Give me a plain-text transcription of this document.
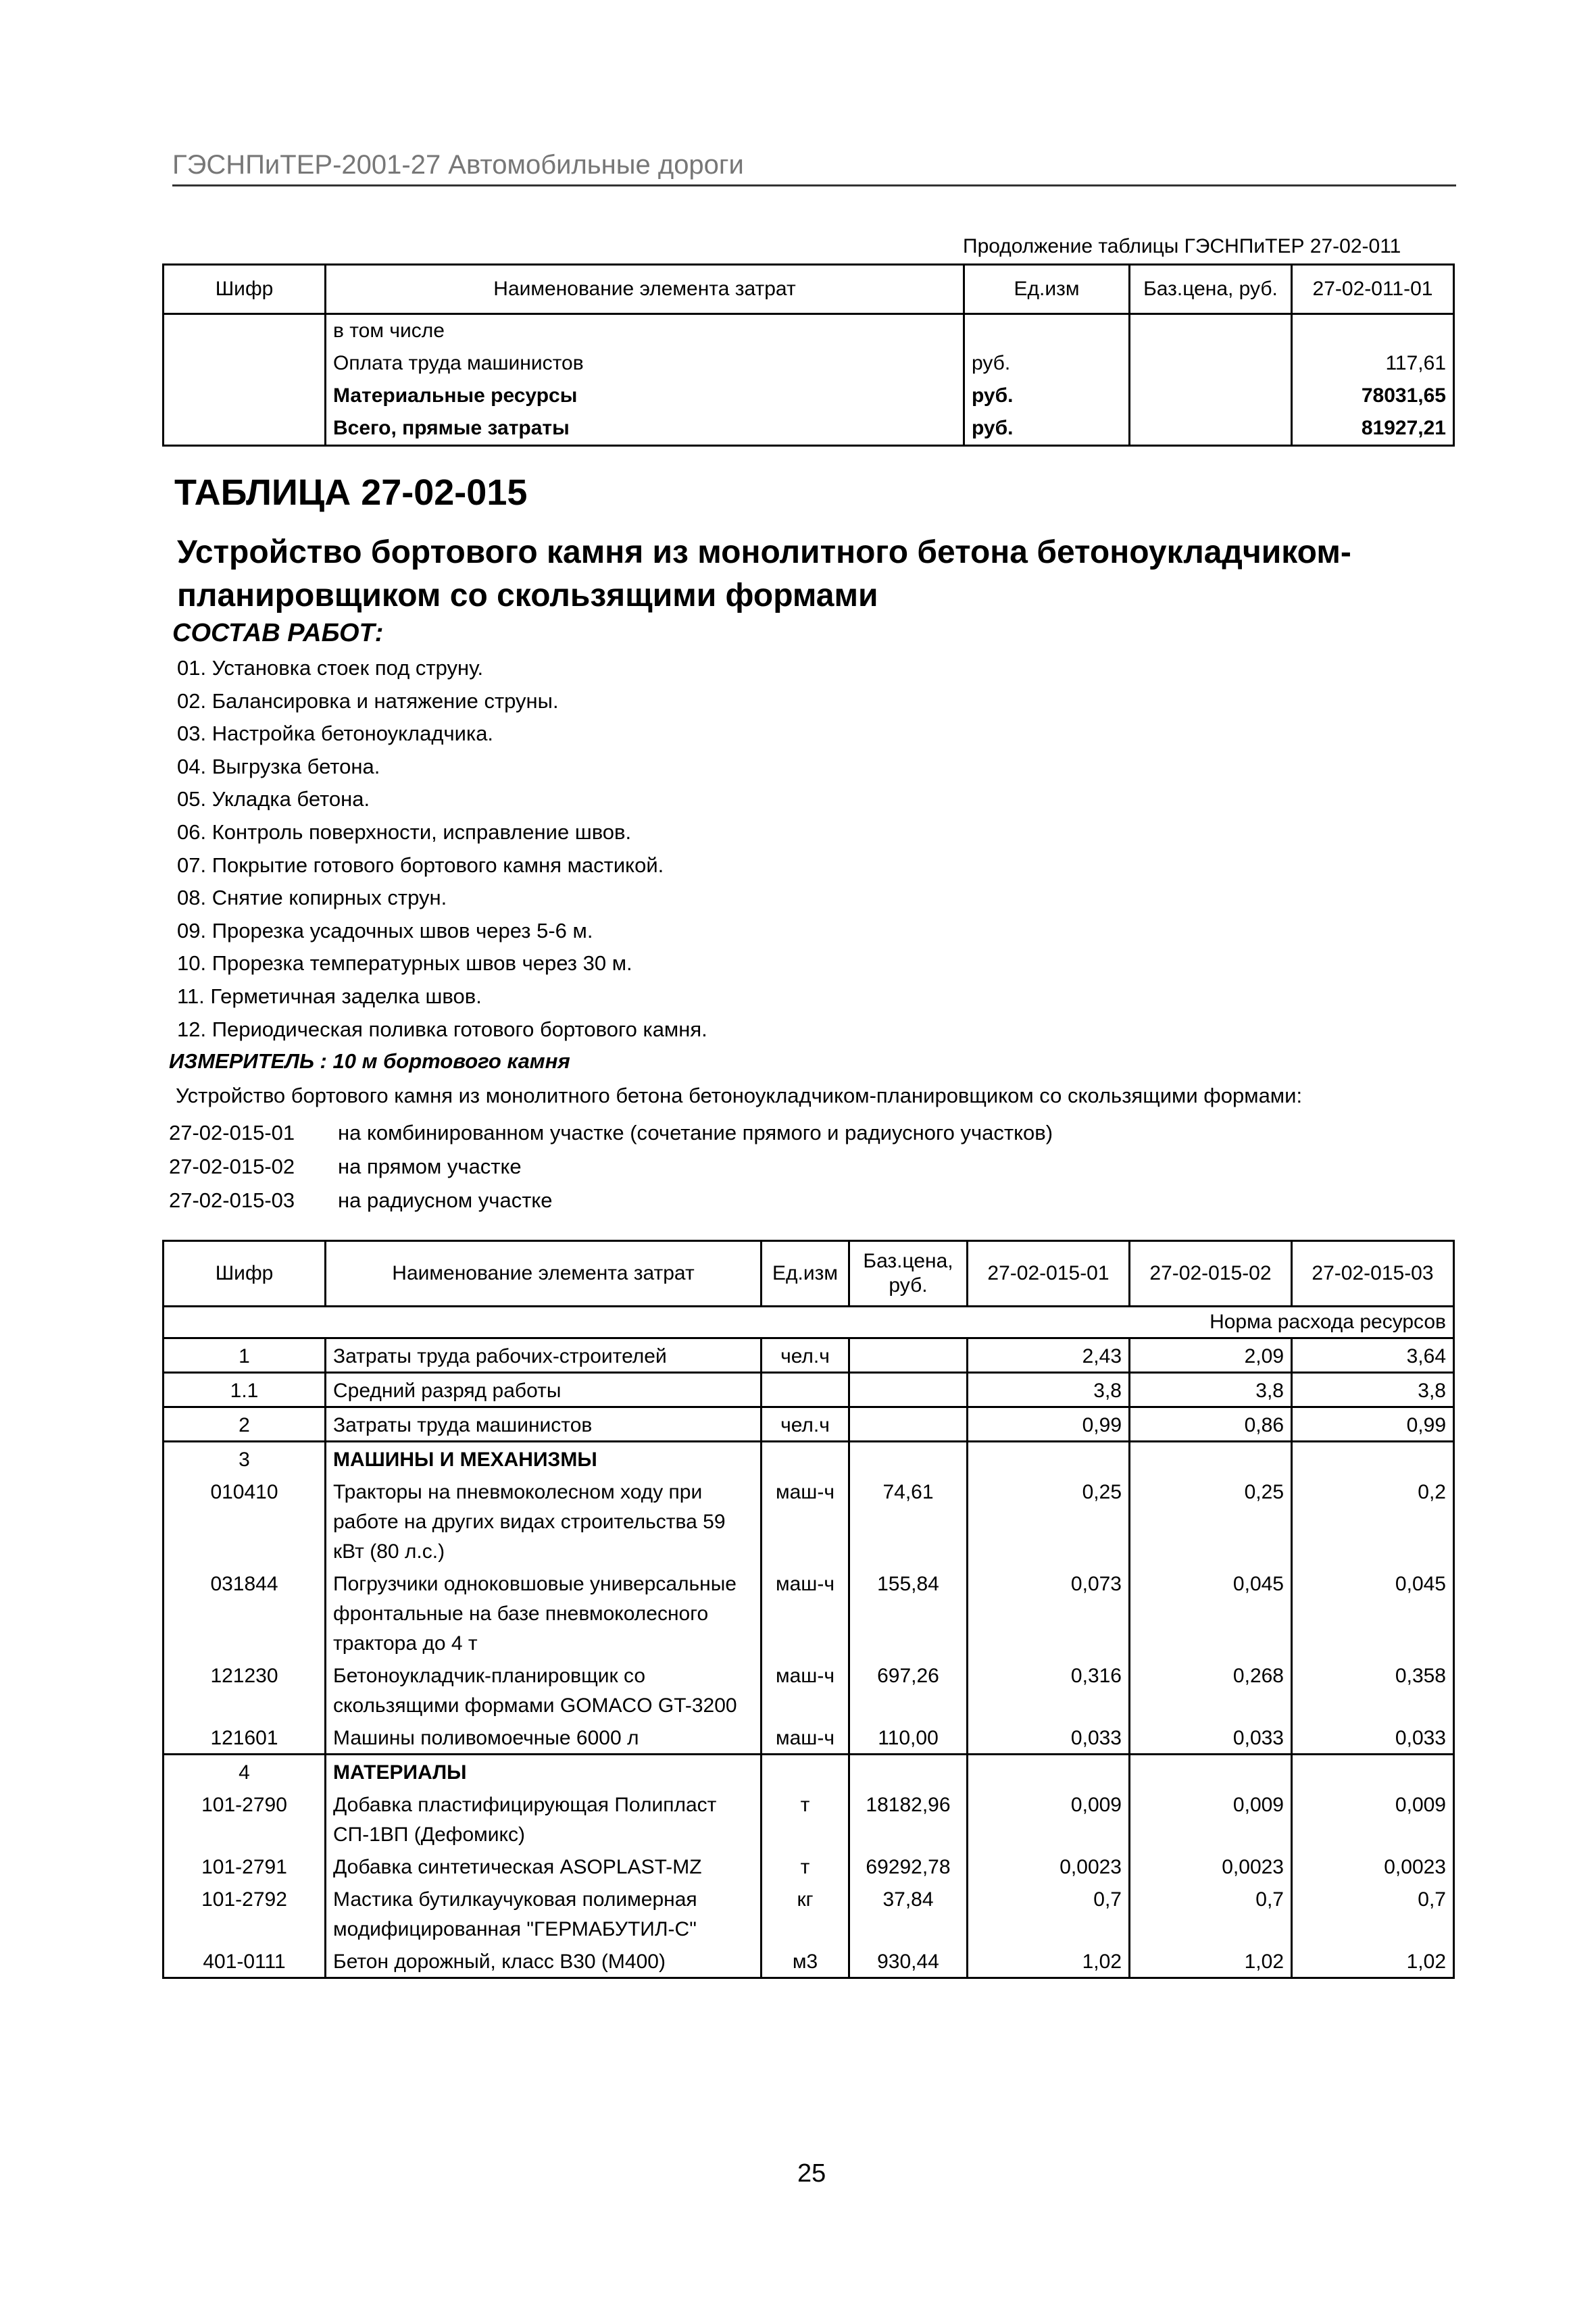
ГЭСНПиТЕР-2001-27 Автомобильные дороги
Продолжение таблицы ГЭСНПиТЕР 27-02-011
Шифр	Наименование элемента затрат	Ед.изм	Баз.цена, руб.	27-02-011-01
	в том числе			
	Оплата труда машинистов	руб.		117,61
	Материальные ресурсы	руб.		78031,65
	Всего, прямые затраты	руб.		81927,21
ТАБЛИЦА 27-02-015
Устройство бортового камня из монолитного бетона бетоноукладчиком-планировщиком со скользящими формами
СОСТАВ РАБОТ:
01. Установка стоек под струну.
02. Балансировка и натяжение струны.
03. Настройка бетоноукладчика.
04. Выгрузка бетона.
05. Укладка бетона.
06. Контроль поверхности, исправление швов.
07. Покрытие готового бортового камня мастикой.
08. Снятие копирных струн.
09. Прорезка усадочных швов через 5-6 м.
10. Прорезка температурных швов через 30 м.
11. Герметичная заделка швов.
12. Периодическая поливка готового бортового камня.
ИЗМЕРИТЕЛЬ : 10 м бортового камня
Устройство бортового камня из монолитного бетона бетоноукладчиком-планировщиком со скользящими формами:
27-02-015-01	на комбинированном участке (сочетание прямого и радиусного участков)
27-02-015-02	на прямом участке
27-02-015-03	на радиусном участке
Шифр	Наименование элемента затрат	Ед.изм	Баз.цена, руб.	27-02-015-01	27-02-015-02	27-02-015-03
				Норма расхода ресурсов		
1	Затраты труда рабочих-строителей	чел.ч		2,43	2,09	3,64
1.1	Средний разряд работы			3,8	3,8	3,8
2	Затраты труда машинистов	чел.ч		0,99	0,86	0,99
3	МАШИНЫ И МЕХАНИЗМЫ					
010410	Тракторы на пневмоколесном ходу при работе на других видах строительства 59 кВт (80 л.с.)	маш-ч	74,61	0,25	0,25	0,2
031844	Погрузчики одноковшовые универсальные фронтальные на базе пневмоколесного трактора до 4 т	маш-ч	155,84	0,073	0,045	0,045
121230	Бетоноукладчик-планировщик со скользящими формами GOMACO GT-3200	маш-ч	697,26	0,316	0,268	0,358
121601	Машины поливомоечные 6000 л	маш-ч	110,00	0,033	0,033	0,033
4	МАТЕРИАЛЫ					
101-2790	Добавка пластифицирующая Полипласт СП-1ВП (Дефомикс)	т	18182,96	0,009	0,009	0,009
101-2791	Добавка синтетическая ASOPLAST-MZ	т	69292,78	0,0023	0,0023	0,0023
101-2792	Мастика бутилкаучуковая полимерная модифицированная "ГЕРМАБУТИЛ-С"	кг	37,84	0,7	0,7	0,7
401-0111	Бетон дорожный, класс В30 (М400)	м3	930,44	1,02	1,02	1,02
25
